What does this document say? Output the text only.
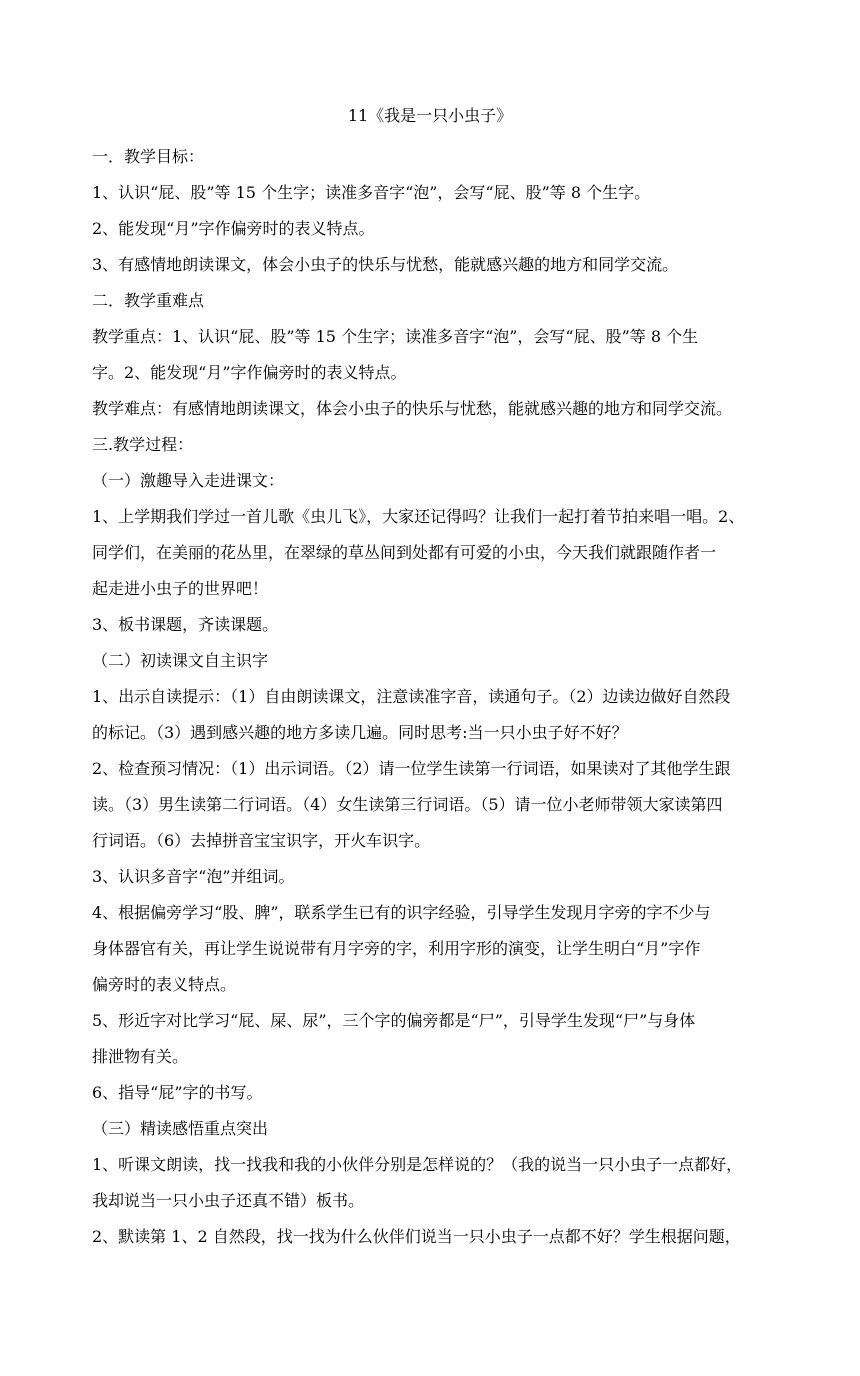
11《我是一只小虫子》
一．教学目标：
1、认识“屁、股”等 15 个生字；读准多音字“泡”，会写“屁、股”等 8 个生字。
2、能发现“月”字作偏旁时的表义特点。
3、有感情地朗读课文，体会小虫子的快乐与忧愁，能就感兴趣的地方和同学交流。
二．教学重难点
教学重点：1、认识“屁、股”等 15 个生字；读准多音字“泡”，会写“屁、股”等 8 个生
字。2、能发现“月”字作偏旁时的表义特点。
教学难点：有感情地朗读课文，体会小虫子的快乐与忧愁，能就感兴趣的地方和同学交流。
三.教学过程：
（一）激趣导入走进课文：
1、上学期我们学过一首儿歌《虫儿飞》，大家还记得吗？让我们一起打着节拍来唱一唱。2、
同学们，在美丽的花丛里，在翠绿的草丛间到处都有可爱的小虫，今天我们就跟随作者一
起走进小虫子的世界吧！
3、板书课题，齐读课题。
（二）初读课文自主识字
1、出示自读提示：（1）自由朗读课文，注意读准字音，读通句子。（2）边读边做好自然段
的标记。（3）遇到感兴趣的地方多读几遍。同时思考:当一只小虫子好不好？
2、检查预习情况：（1）出示词语。（2）请一位学生读第一行词语，如果读对了其他学生跟
读。（3）男生读第二行词语。（4）女生读第三行词语。（5）请一位小老师带领大家读第四
行词语。（6）去掉拼音宝宝识字，开火车识字。
3、认识多音字“泡”并组词。
4、根据偏旁学习“股、脾”，联系学生已有的识字经验，引导学生发现月字旁的字不少与
身体器官有关，再让学生说说带有月字旁的字，利用字形的演变，让学生明白“月”字作
偏旁时的表义特点。
5、形近字对比学习“屁、屎、尿”，三个字的偏旁都是“尸”，引导学生发现“尸”与身体
排泄物有关。
6、指导“屁”字的书写。
（三）精读感悟重点突出
1、听课文朗读，找一找我和我的小伙伴分别是怎样说的？（我的说当一只小虫子一点都好，
我却说当一只小虫子还真不错）板书。
2、默读第 1、2 自然段，找一找为什么伙伴们说当一只小虫子一点都不好？学生根据问题，
